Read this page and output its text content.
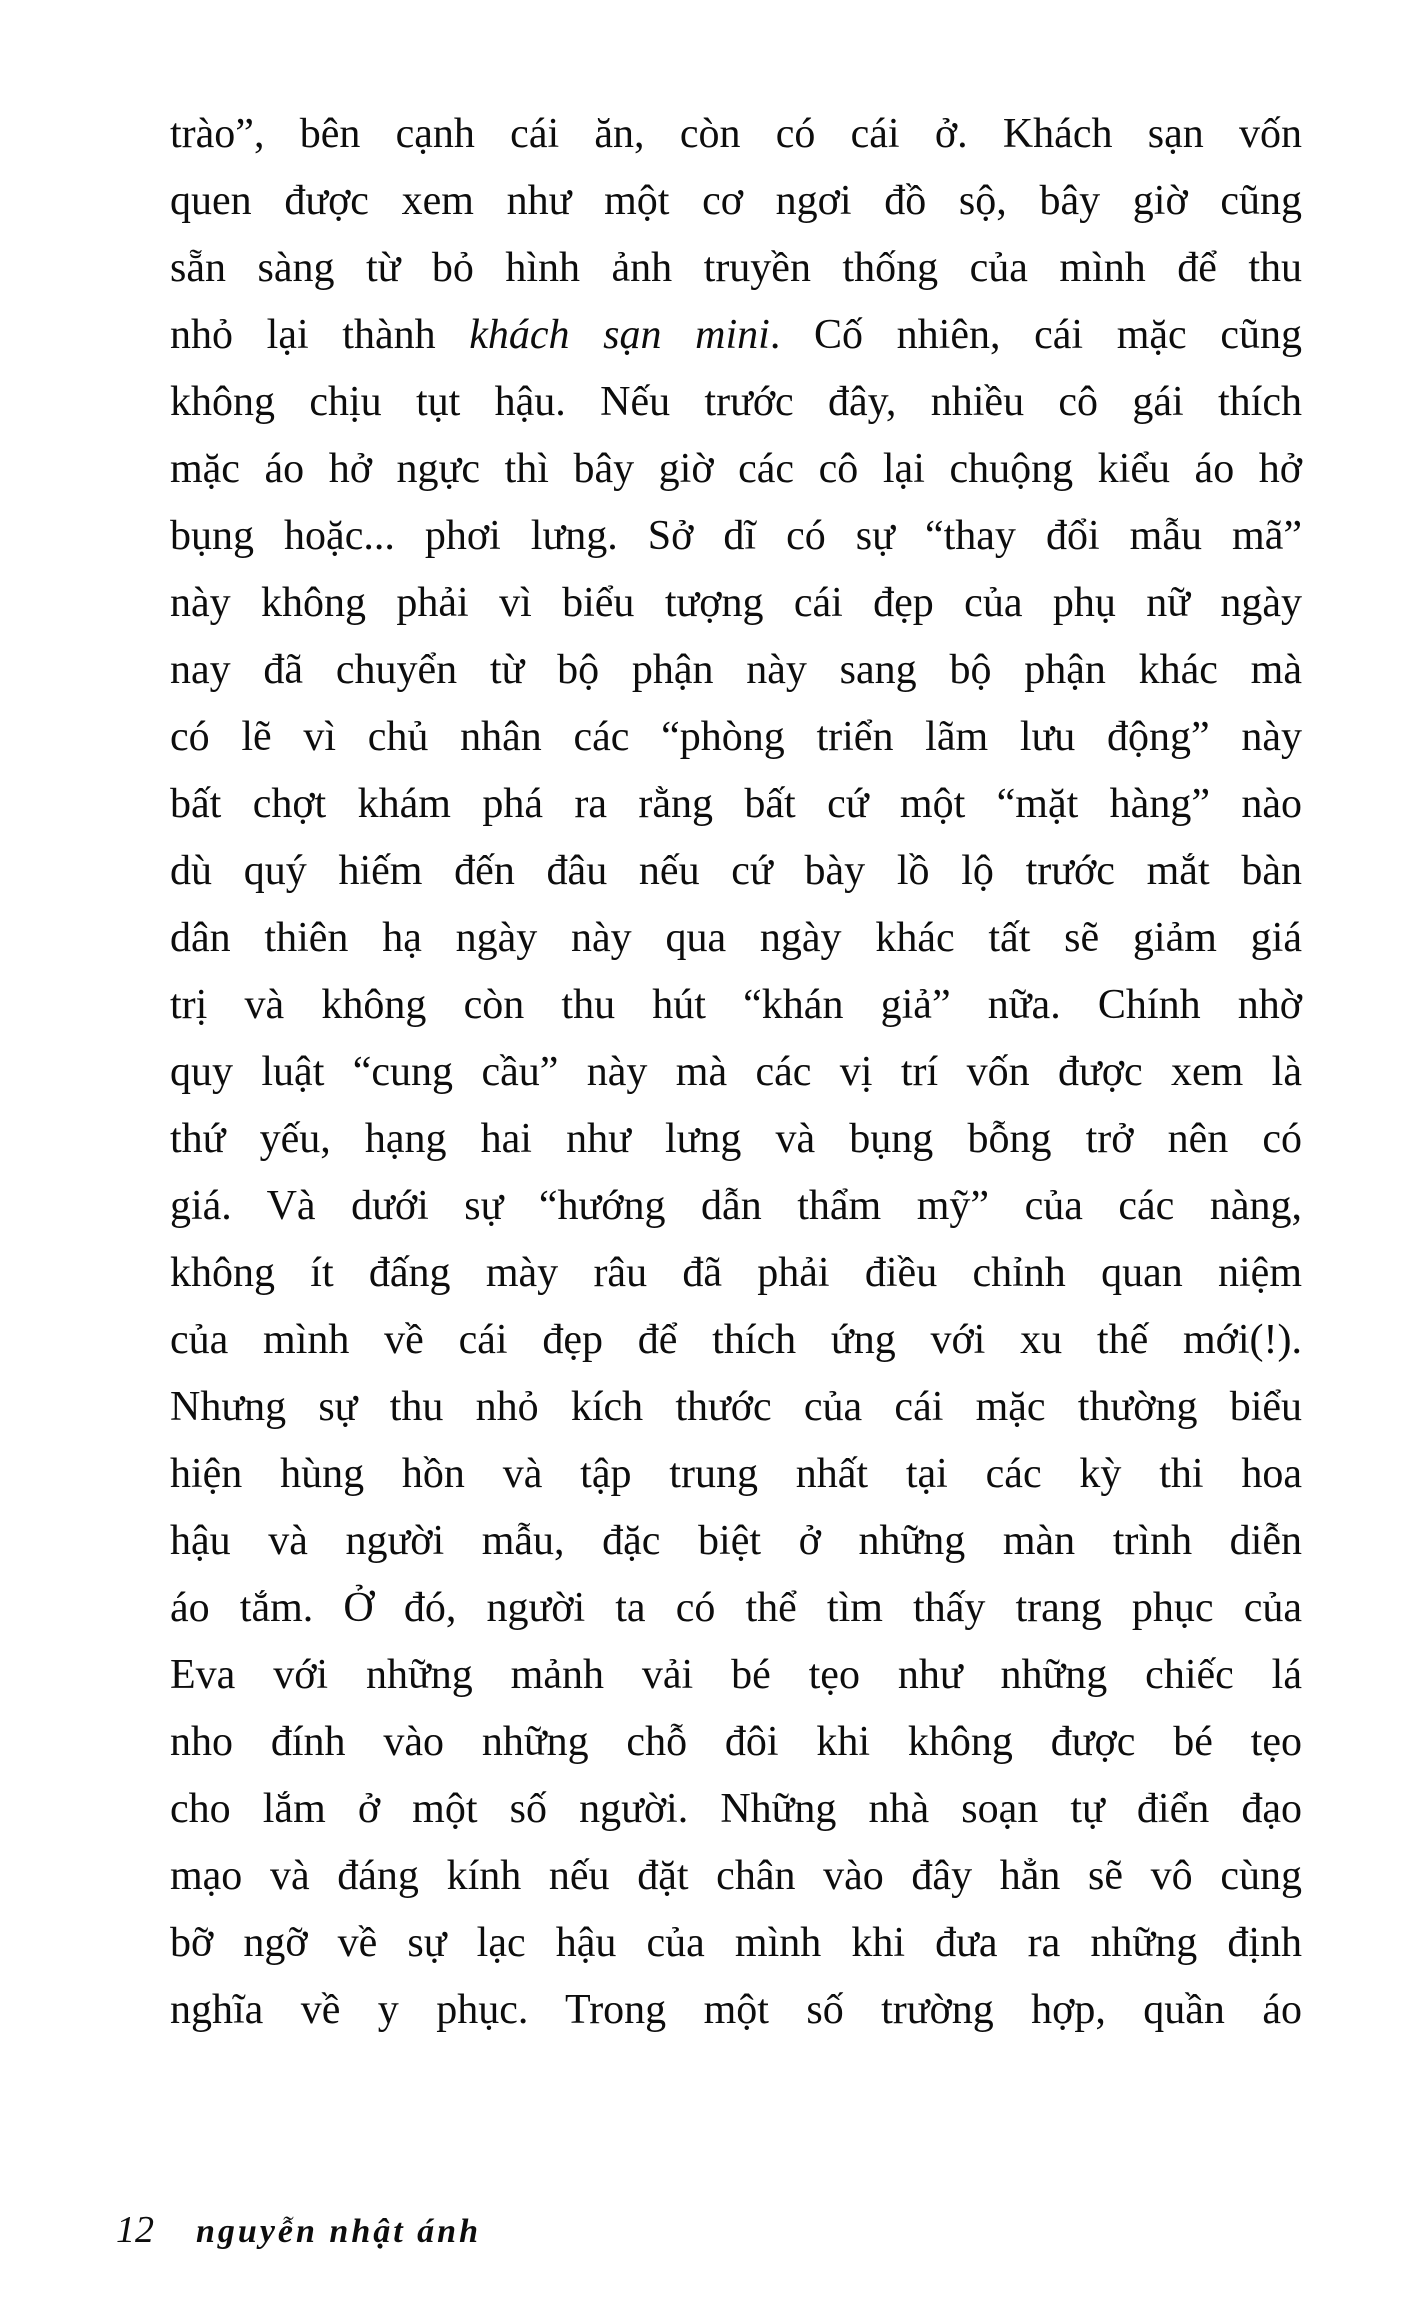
trào”, bên cạnh cái ăn, còn có cái ở. Khách sạn vốn
quen được xem như một cơ ngơi đồ sộ, bây giờ cũng
sẵn sàng từ bỏ hình ảnh truyền thống của mình để thu
nhỏ lại thành khách sạn mini. Cố nhiên, cái mặc cũng
không chịu tụt hậu. Nếu trước đây, nhiều cô gái thích
mặc áo hở ngực thì bây giờ các cô lại chuộng kiểu áo hở
bụng hoặc... phơi lưng. Sở dĩ có sự “thay đổi mẫu mã”
này không phải vì biểu tượng cái đẹp của phụ nữ ngày
nay đã chuyển từ bộ phận này sang bộ phận khác mà
có lẽ vì chủ nhân các “phòng triển lãm lưu động” này
bất chợt khám phá ra rằng bất cứ một “mặt hàng” nào
dù quý hiếm đến đâu nếu cứ bày lồ lộ trước mắt bàn
dân thiên hạ ngày này qua ngày khác tất sẽ giảm giá
trị và không còn thu hút “khán giả” nữa. Chính nhờ
quy luật “cung cầu” này mà các vị trí vốn được xem là
thứ yếu, hạng hai như lưng và bụng bỗng trở nên có
giá. Và dưới sự “hướng dẫn thẩm mỹ” của các nàng,
không ít đấng mày râu đã phải điều chỉnh quan niệm
của mình về cái đẹp để thích ứng với xu thế mới(!).
Nhưng sự thu nhỏ kích thước của cái mặc thường biểu
hiện hùng hồn và tập trung nhất tại các kỳ thi hoa
hậu và người mẫu, đặc biệt ở những màn trình diễn
áo tắm. Ở đó, người ta có thể tìm thấy trang phục của
Eva với những mảnh vải bé tẹo như những chiếc lá
nho đính vào những chỗ đôi khi không được bé tẹo
cho lắm ở một số người. Những nhà soạn tự điển đạo
mạo và đáng kính nếu đặt chân vào đây hẳn sẽ vô cùng
bỡ ngỡ về sự lạc hậu của mình khi đưa ra những định
nghĩa về y phục. Trong một số trường hợp, quần áo
12 nguyễn nhật ánh
